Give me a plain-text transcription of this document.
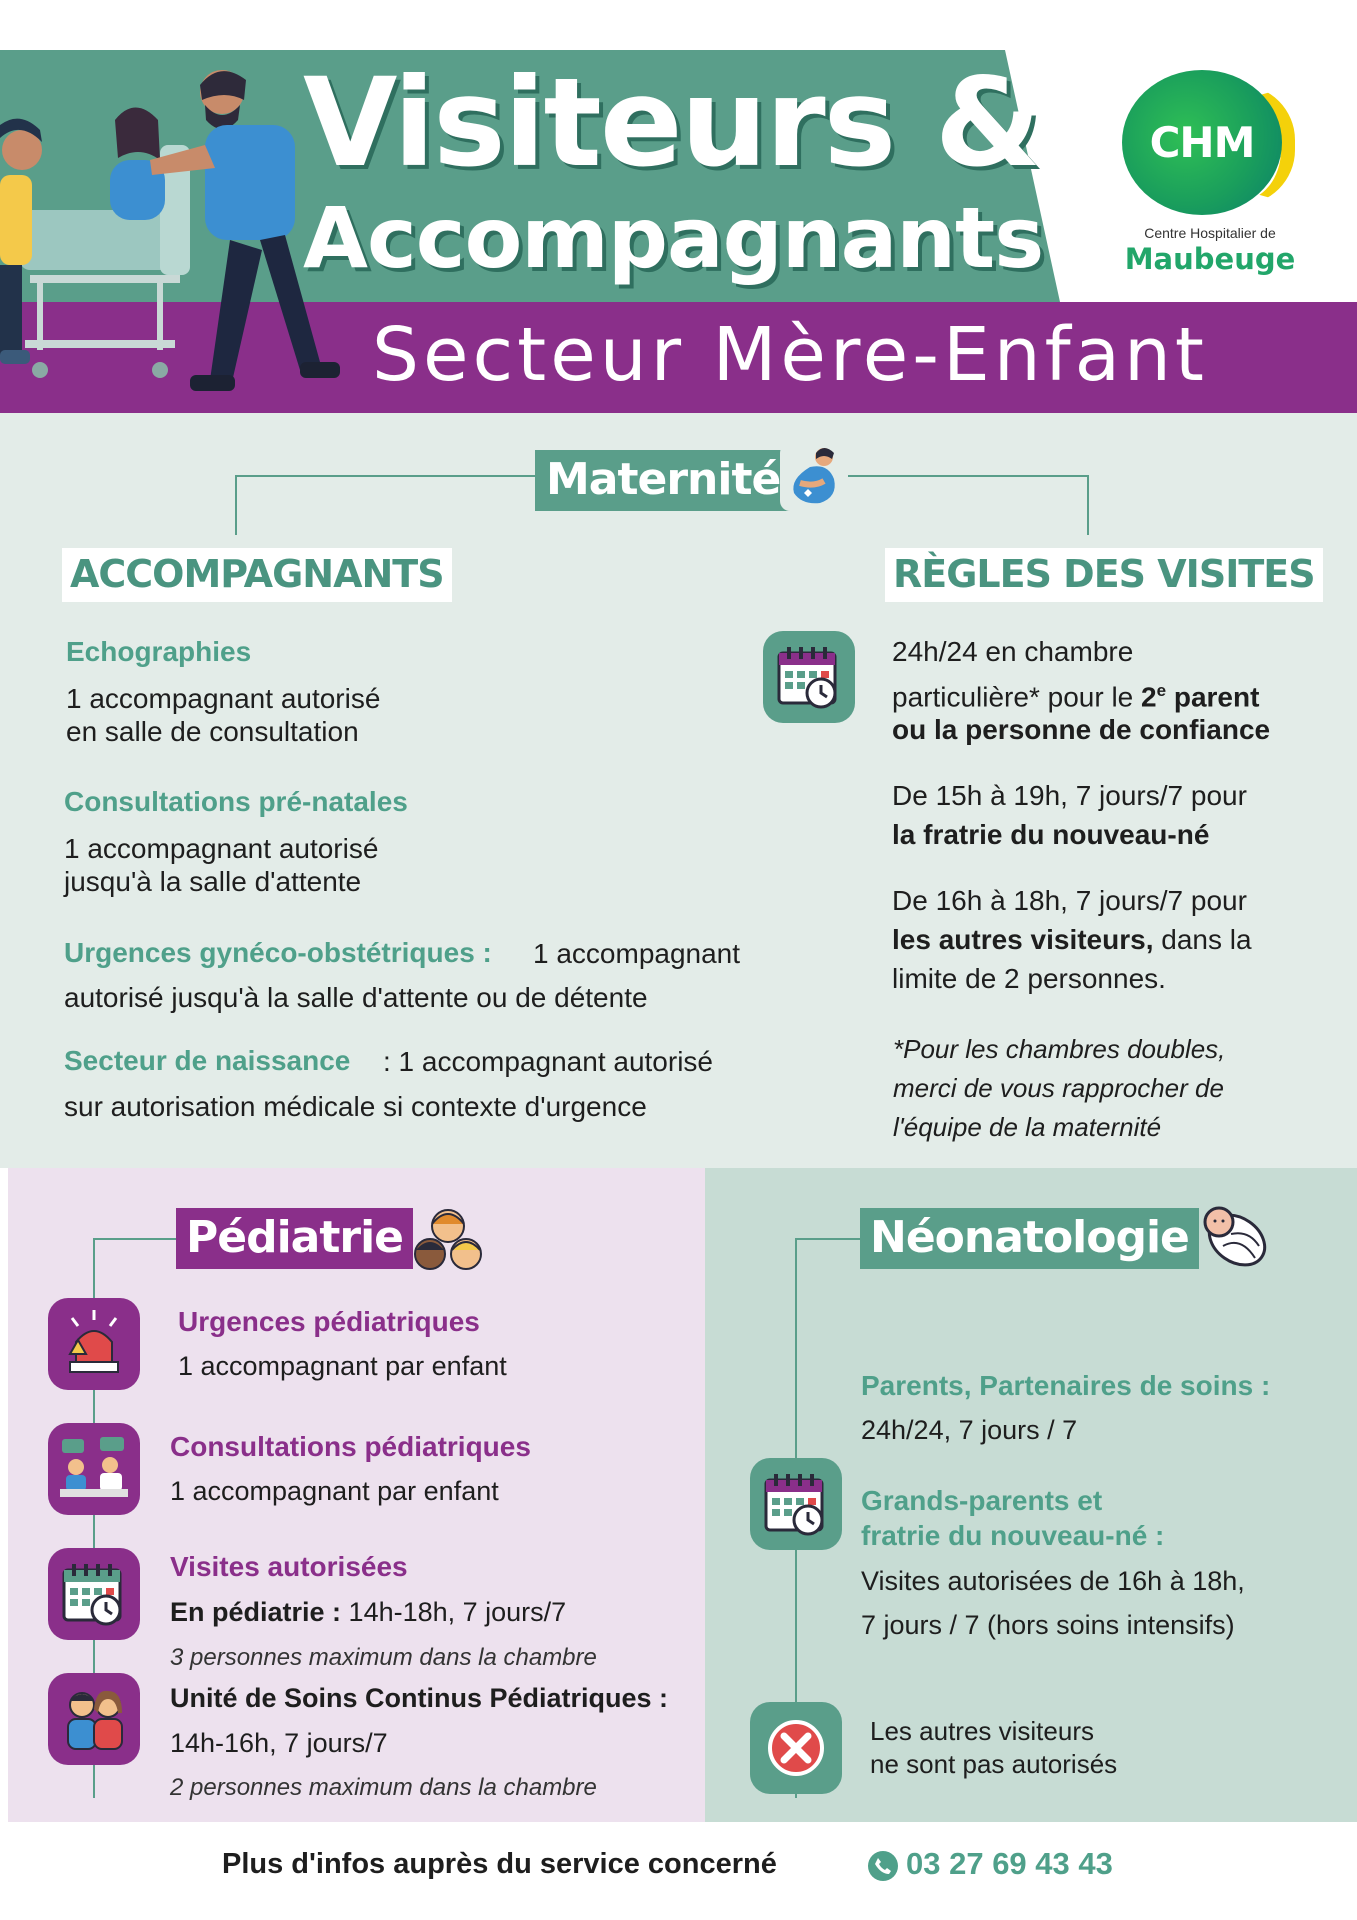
Visiteurs &
Accompagnants
Secteur Mère-Enfant
CHM
Centre Hospitalier de
Maubeuge
Maternité
ACCOMPAGNANTS	RÈGLES DES VISITES
Echographies
1 accompagnant autorisé
en salle de consultation
Consultations pré-natales
1 accompagnant autorisé
jusqu'à la salle d'attente
Urgences gynéco-obstétriques : 1 accompagnant
autorisé jusqu'à la salle d'attente ou de détente
Secteur de naissance : 1 accompagnant autorisé
sur autorisation médicale si contexte d'urgence
24h/24 en chambre
particulière* pour le 2e parent
ou la personne de confiance
De 15h à 19h, 7 jours/7 pour
la fratrie du nouveau-né
De 16h à 18h, 7 jours/7 pour
les autres visiteurs, dans la
limite de 2 personnes.
*Pour les chambres doubles,
merci de vous rapprocher de
l'équipe de la maternité
Pédiatrie
Urgences pédiatriques
1 accompagnant par enfant
Consultations pédiatriques
1 accompagnant par enfant
Visites autorisées
En pédiatrie : 14h-18h, 7 jours/7
3 personnes maximum dans la chambre
Unité de Soins Continus Pédiatriques :
14h-16h, 7 jours/7
2 personnes maximum dans la chambre
Néonatologie
Parents, Partenaires de soins :
24h/24, 7 jours / 7
Grands-parents et
fratrie du nouveau-né :
Visites autorisées de 16h à 18h,
7 jours / 7 (hors soins intensifs)
Les autres visiteurs
ne sont pas autorisés
Plus d'infos auprès du service concerné	03 27 69 43 43
